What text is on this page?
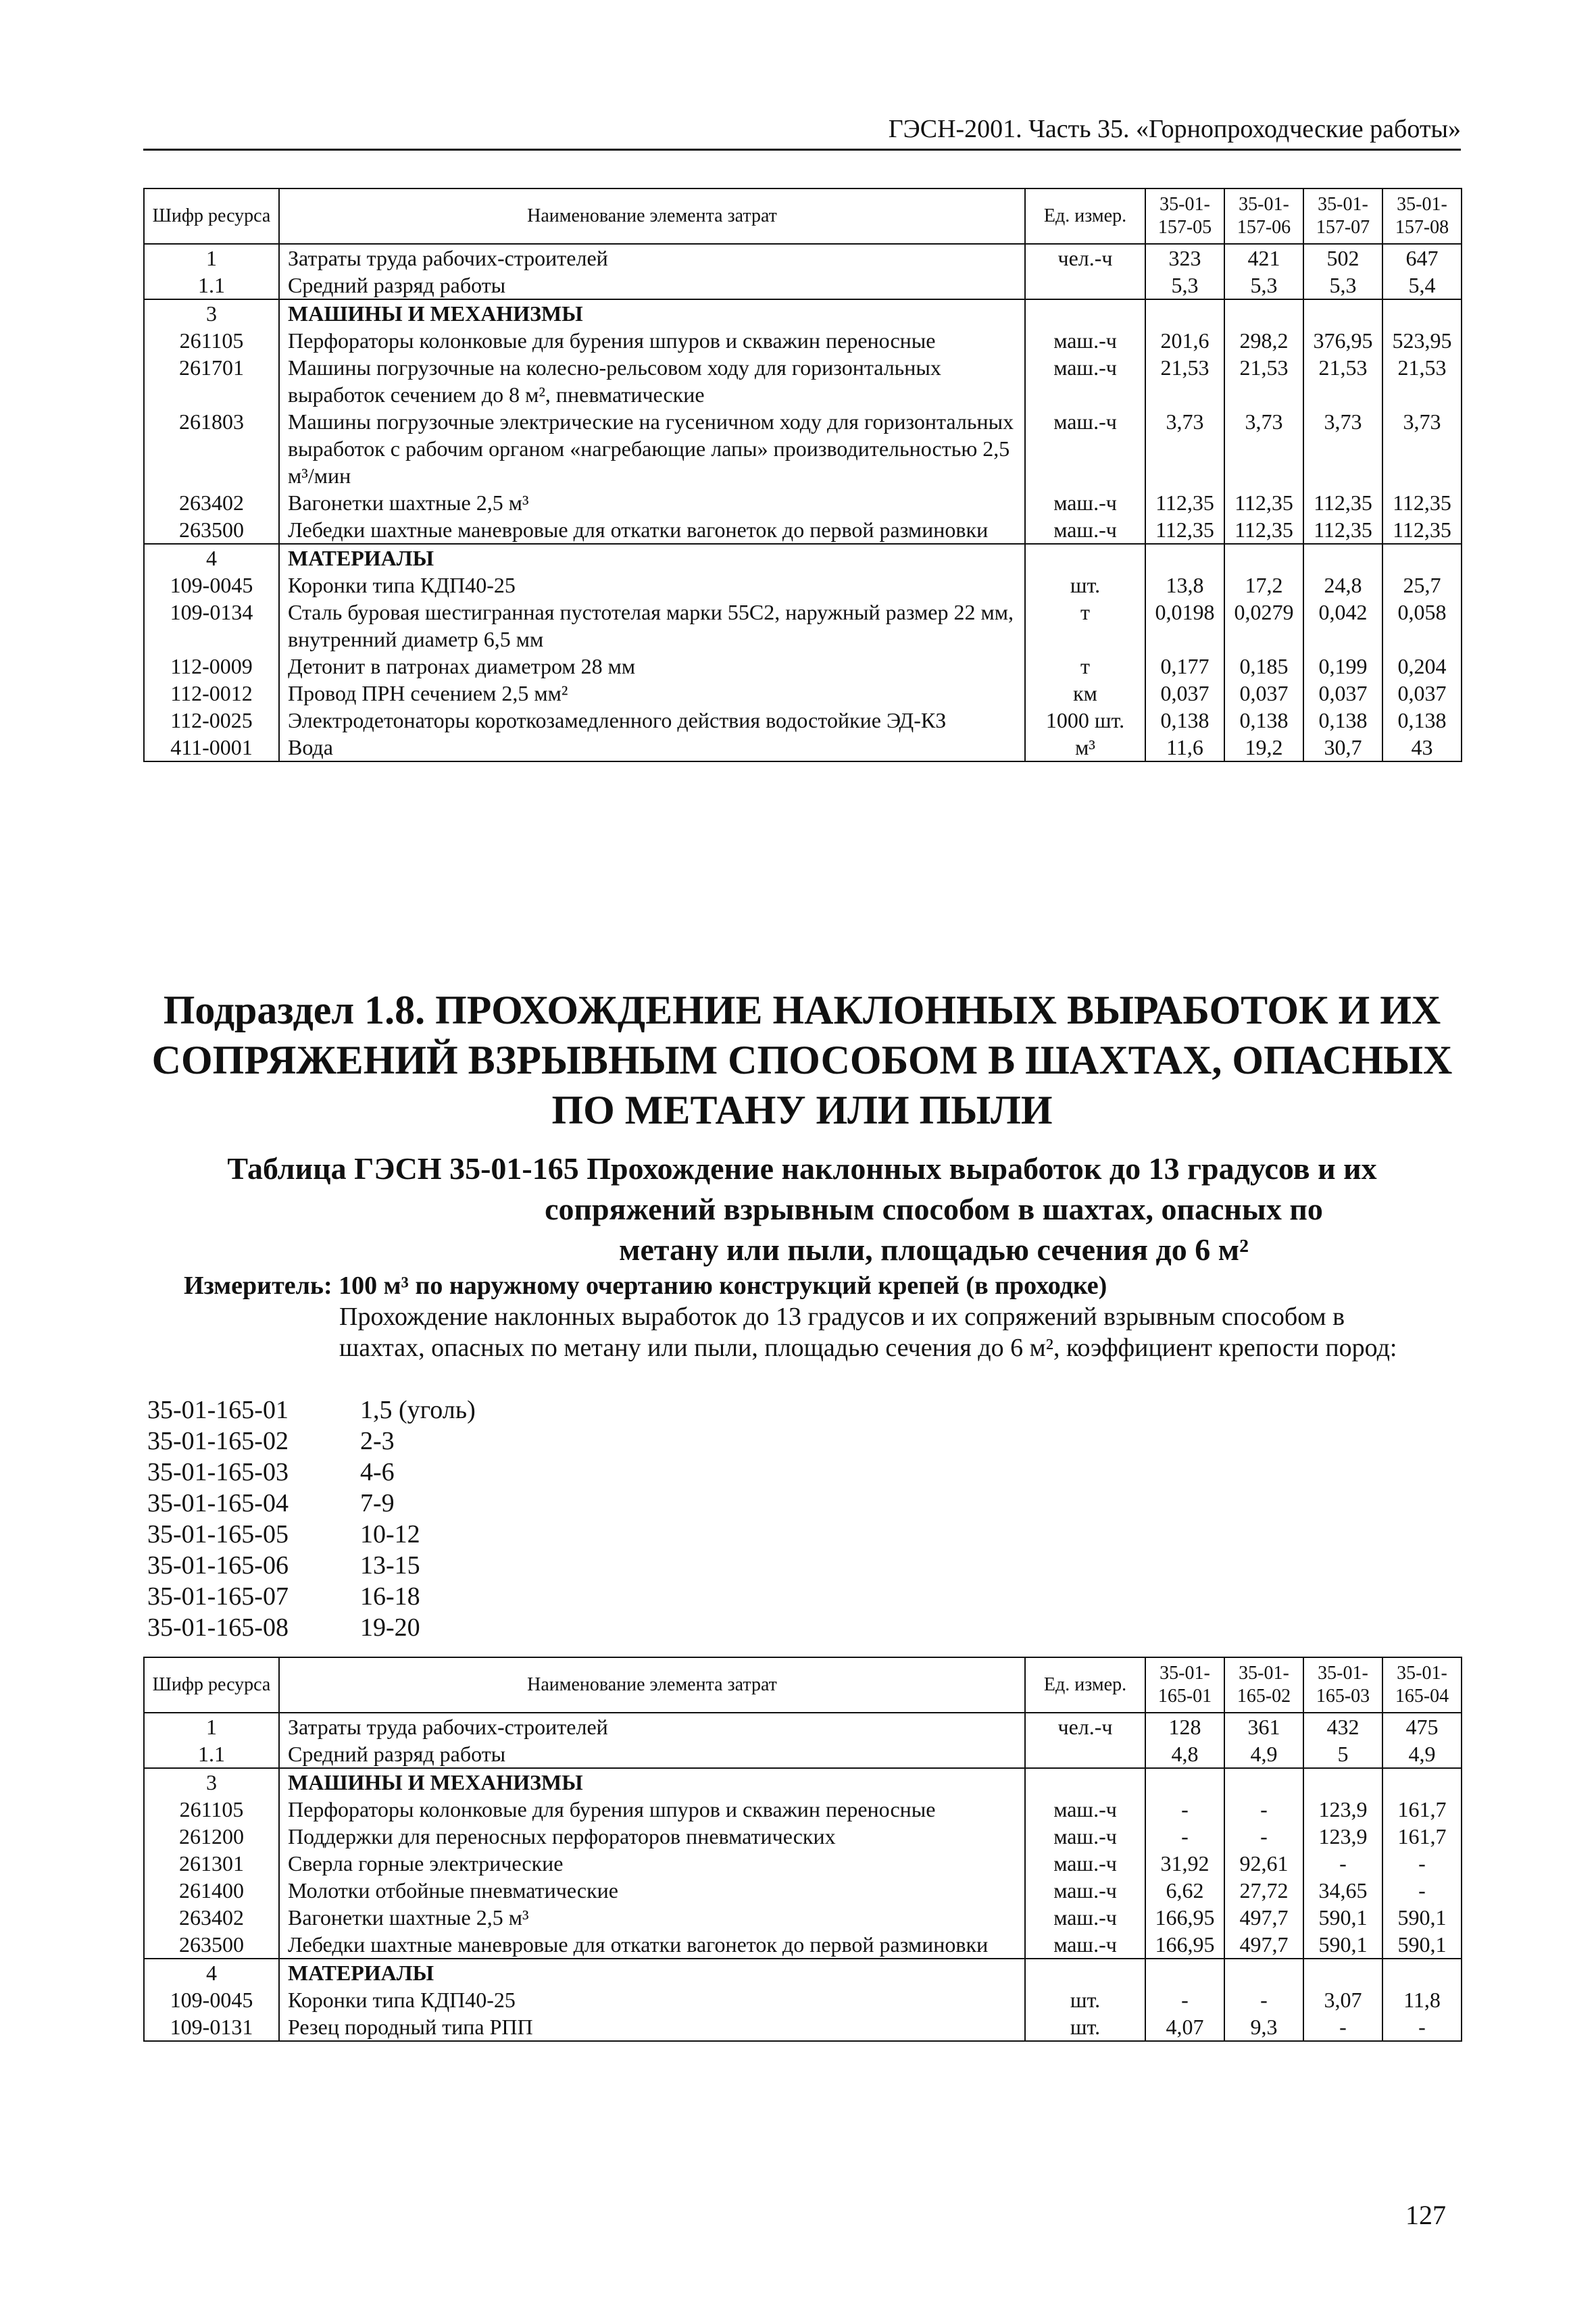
ГЭСН-2001. Часть 35. «Горнопроходческие работы»
Шифр ресурса	Наименование элемента затрат	Ед. измер.	35-01- 157-05	35-01- 157-06	35-01- 157-07	35-01- 157-08
1	Затраты труда рабочих-строителей	чел.-ч	323	421	502	647
1.1	Средний разряд работы		5,3	5,3	5,3	5,4
3	МАШИНЫ И МЕХАНИЗМЫ					
261105	Перфораторы колонковые для бурения шпуров и скважин переносные	маш.-ч	201,6	298,2	376,95	523,95
261701	Машины погрузочные на колесно-рельсовом ходу для горизонтальных выработок сечением до 8 м², пневматические	маш.-ч	21,53	21,53	21,53	21,53
261803	Машины погрузочные электрические на гусеничном ходу для горизонтальных выработок с рабочим органом «нагребающие лапы» производительностью 2,5 м³/мин	маш.-ч	3,73	3,73	3,73	3,73
263402	Вагонетки шахтные 2,5 м³	маш.-ч	112,35	112,35	112,35	112,35
263500	Лебедки шахтные маневровые для откатки вагонеток до первой разминовки	маш.-ч	112,35	112,35	112,35	112,35
4	МАТЕРИАЛЫ					
109-0045	Коронки типа КДП40-25	шт.	13,8	17,2	24,8	25,7
109-0134	Сталь буровая шестигранная пустотелая марки 55С2, наружный размер 22 мм, внутренний диаметр 6,5 мм	т	0,0198	0,0279	0,042	0,058
112-0009	Детонит в патронах диаметром 28 мм	т	0,177	0,185	0,199	0,204
112-0012	Провод ПРН сечением 2,5 мм²	км	0,037	0,037	0,037	0,037
112-0025	Электродетонаторы короткозамедленного действия водостойкие ЭД-КЗ	1000 шт.	0,138	0,138	0,138	0,138
411-0001	Вода	м³	11,6	19,2	30,7	43
Подраздел 1.8. ПРОХОЖДЕНИЕ НАКЛОННЫХ ВЫРАБОТОК И ИХ СОПРЯЖЕНИЙ ВЗРЫВНЫМ СПОСОБОМ В ШАХТАХ, ОПАСНЫХ ПО МЕТАНУ ИЛИ ПЫЛИ
Таблица ГЭСН 35-01-165 Прохождение наклонных выработок до 13 градусов и их
сопряжений взрывным способом в шахтах, опасных по
метану или пыли, площадью сечения до 6 м²
Измеритель: 100 м³ по наружному очертанию конструкций крепей (в проходке)
Прохождение наклонных выработок до 13 градусов и их сопряжений взрывным способом в шахтах, опасных по метану или пыли, площадью сечения до 6 м², коэффициент крепости пород:
35-01-165-01	1,5 (уголь)
35-01-165-02	2-3
35-01-165-03	4-6
35-01-165-04	7-9
35-01-165-05	10-12
35-01-165-06	13-15
35-01-165-07	16-18
35-01-165-08	19-20
Шифр ресурса	Наименование элемента затрат	Ед. измер.	35-01- 165-01	35-01- 165-02	35-01- 165-03	35-01- 165-04
1	Затраты труда рабочих-строителей	чел.-ч	128	361	432	475
1.1	Средний разряд работы		4,8	4,9	5	4,9
3	МАШИНЫ И МЕХАНИЗМЫ					
261105	Перфораторы колонковые для бурения шпуров и скважин переносные	маш.-ч	-	-	123,9	161,7
261200	Поддержки для переносных перфораторов пневматических	маш.-ч	-	-	123,9	161,7
261301	Сверла горные электрические	маш.-ч	31,92	92,61	-	-
261400	Молотки отбойные пневматические	маш.-ч	6,62	27,72	34,65	-
263402	Вагонетки шахтные 2,5 м³	маш.-ч	166,95	497,7	590,1	590,1
263500	Лебедки шахтные маневровые для откатки вагонеток до первой разминовки	маш.-ч	166,95	497,7	590,1	590,1
4	МАТЕРИАЛЫ					
109-0045	Коронки типа КДП40-25	шт.	-	-	3,07	11,8
109-0131	Резец породный типа РПП	шт.	4,07	9,3	-	-
127
